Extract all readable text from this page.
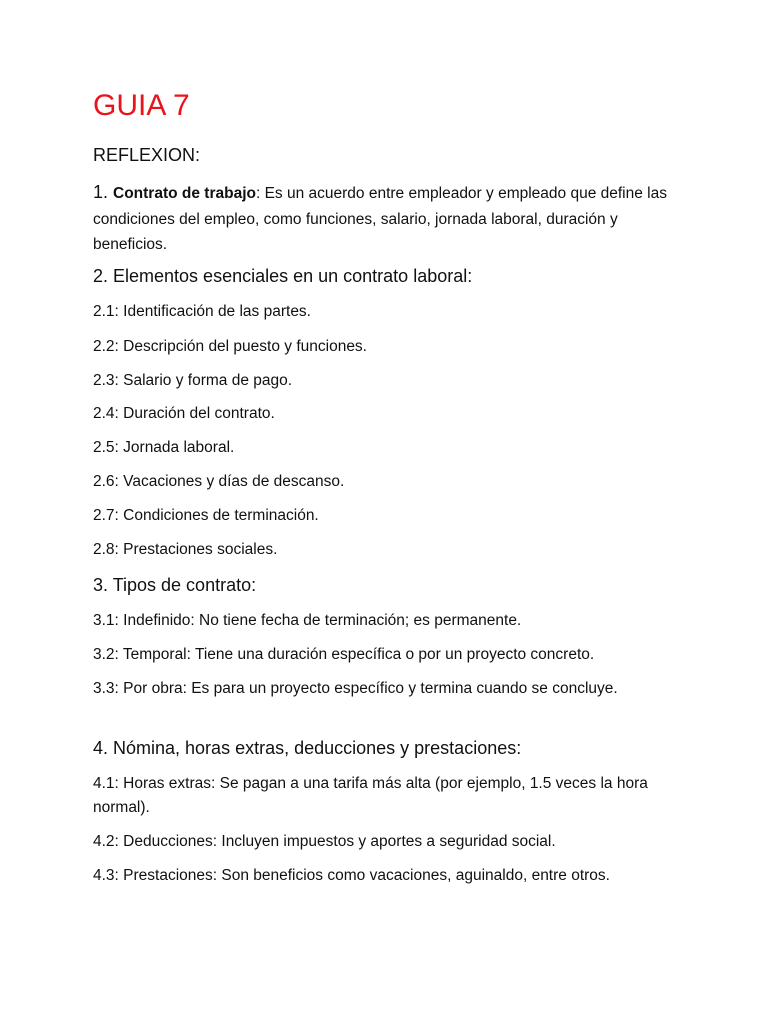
GUIA 7
REFLEXION:
1. Contrato de trabajo: Es un acuerdo entre empleador y empleado que define las condiciones del empleo, como funciones, salario, jornada laboral, duración y beneficios.
2. Elementos esenciales en un contrato laboral:
2.1: Identificación de las partes.
2.2: Descripción del puesto y funciones.
2.3: Salario y forma de pago.
2.4: Duración del contrato.
2.5: Jornada laboral.
2.6: Vacaciones y días de descanso.
2.7: Condiciones de terminación.
2.8: Prestaciones sociales.
3. Tipos de contrato:
3.1: Indefinido: No tiene fecha de terminación; es permanente.
3.2: Temporal: Tiene una duración específica o por un proyecto concreto.
3.3: Por obra: Es para un proyecto específico y termina cuando se concluye.
4. Nómina, horas extras, deducciones y prestaciones:
4.1: Horas extras: Se pagan a una tarifa más alta (por ejemplo, 1.5 veces la hora normal).
4.2: Deducciones: Incluyen impuestos y aportes a seguridad social.
4.3: Prestaciones: Son beneficios como vacaciones, aguinaldo, entre otros.
